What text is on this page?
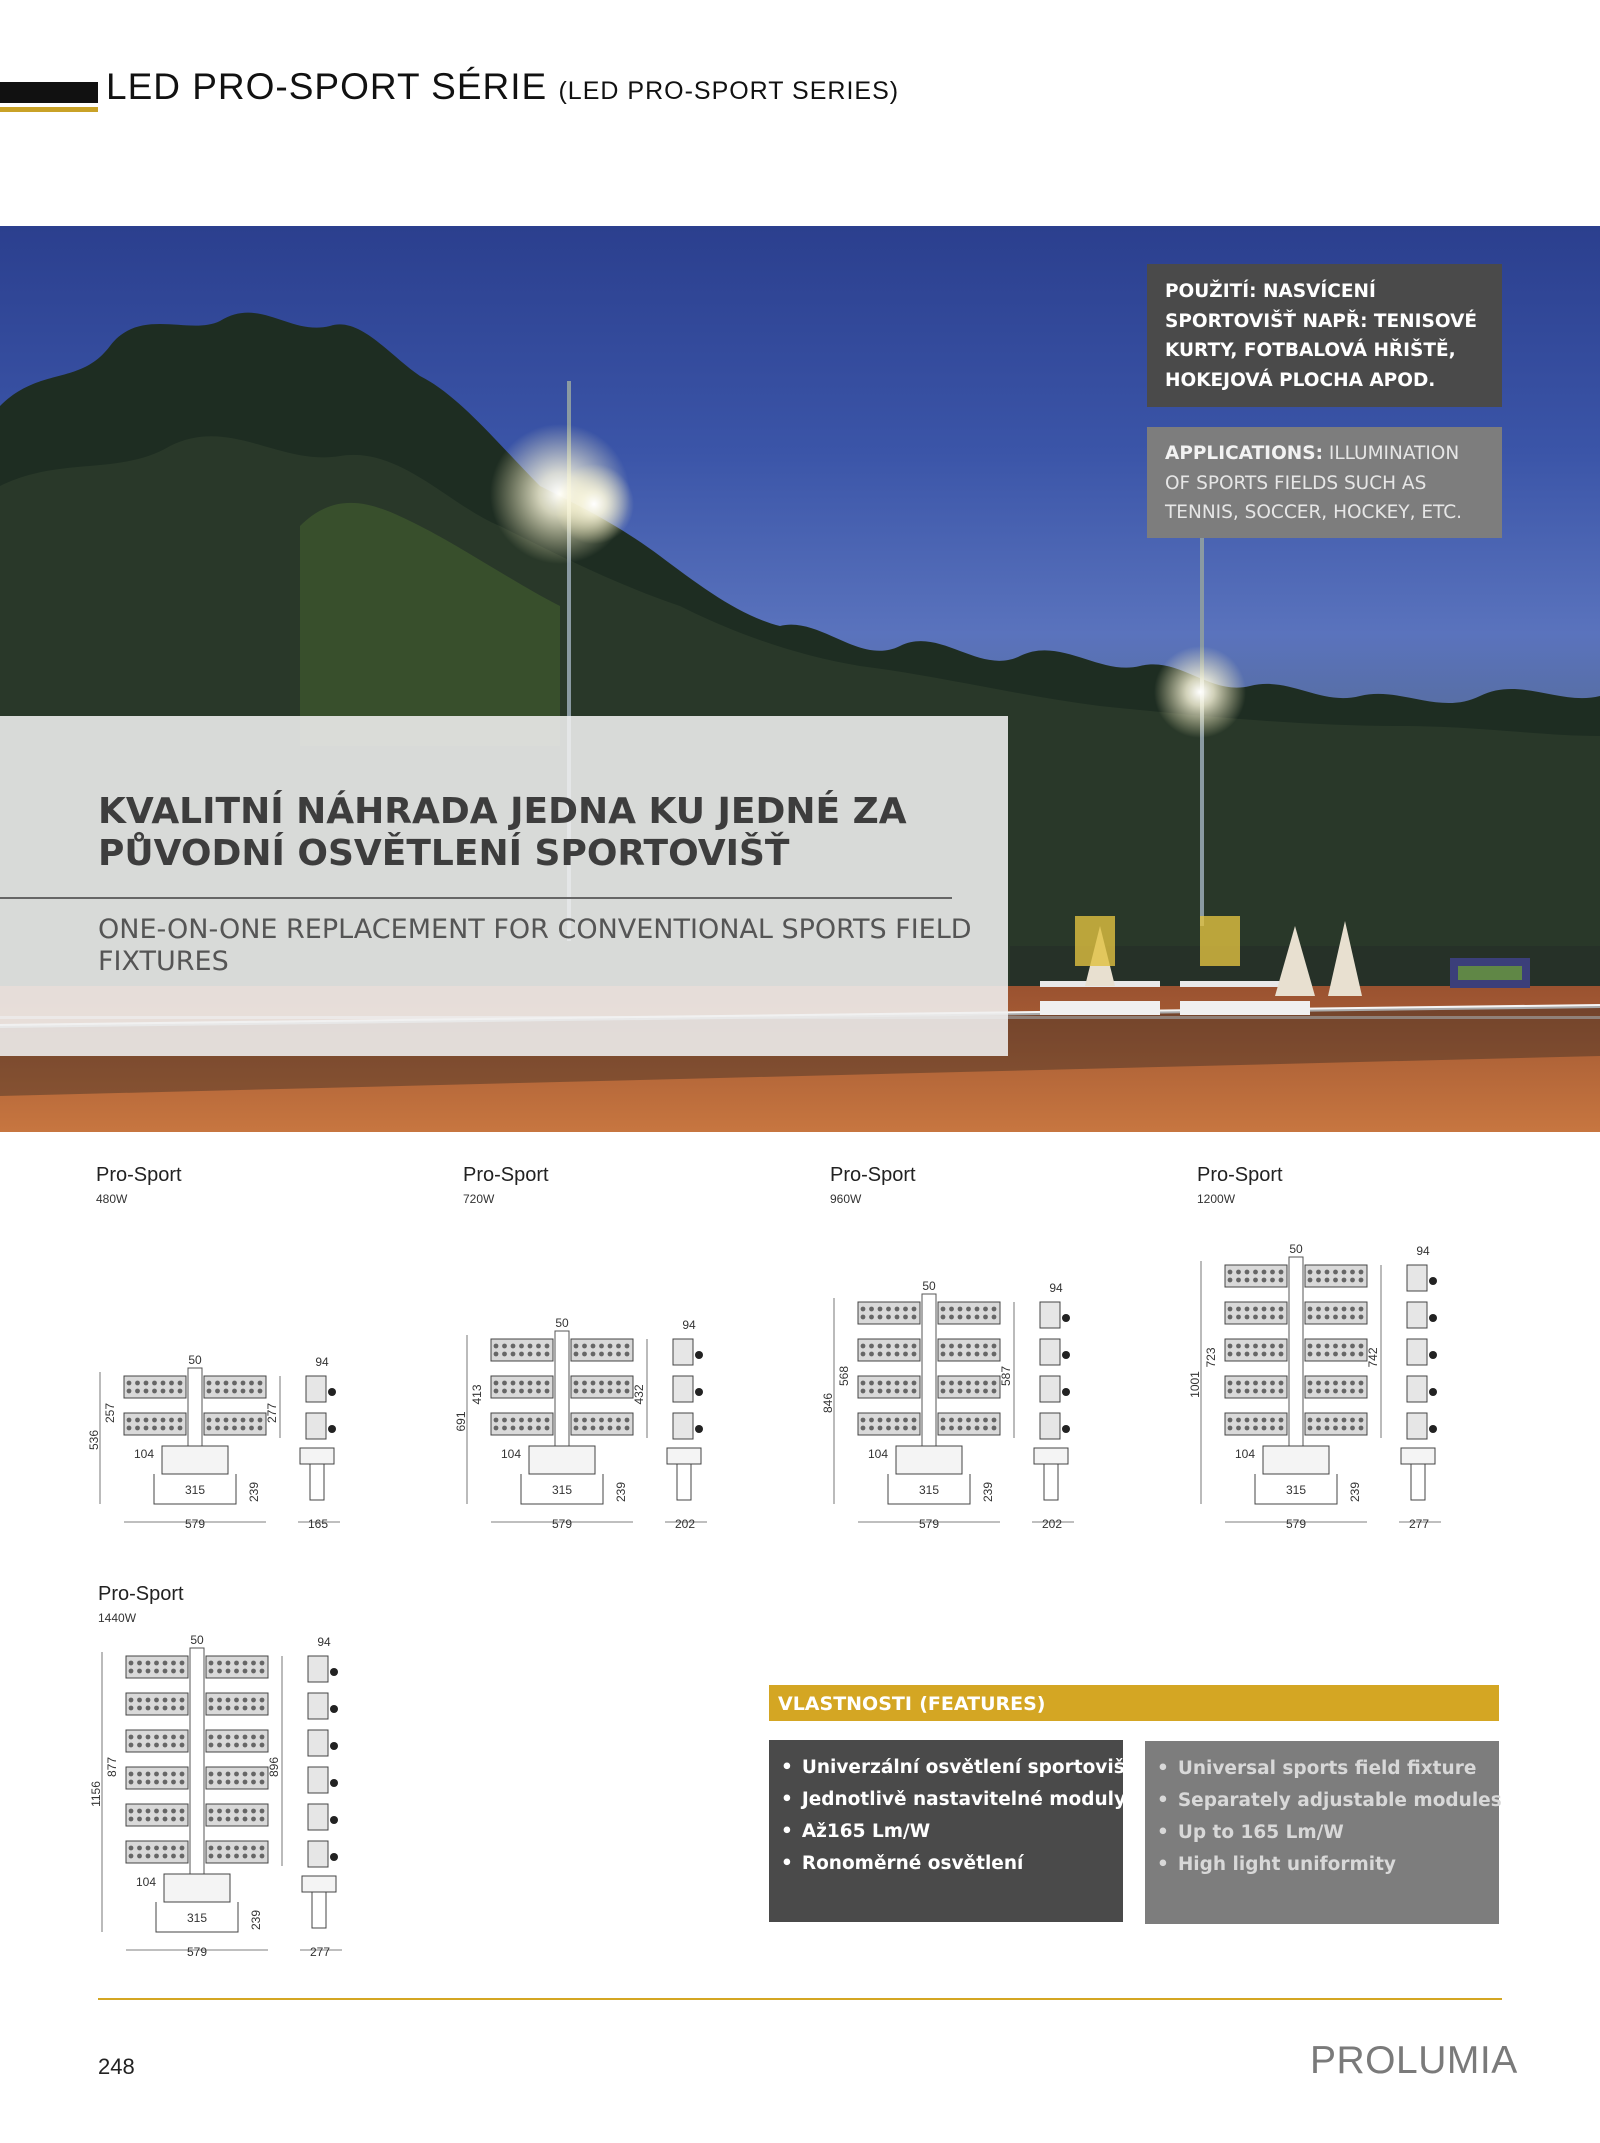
LED PRO-SPORT SÉRIE (LED PRO-SPORT SERIES)
POUŽITÍ: NASVÍCENÍ SPORTOVIŠŤ NAPŘ: TENISOVÉ KURTY, FOTBALOVÁ HŘIŠTĚ, HOKEJOVÁ PLOCHA APOD.
APPLICATIONS: ILLUMINATION OF SPORTS FIELDS SUCH AS TENNIS, SOCCER, HOCKEY, ETC.
KVALITNÍ NÁHRADA JEDNA KU JEDNÉ ZA PŮVODNÍ OSVĚTLENÍ SPORTOVIŠŤ
ONE-ON-ONE REPLACEMENT FOR CONVENTIONAL SPORTS FIELD FIXTURES
Pro-Sport
480W
Pro-Sport
720W
Pro-Sport
960W
Pro-Sport
1200W
Pro-Sport
1440W
579
50
536
257	277
104
315	239
165
94
579
50
691
413	432
104
315	239
202
94
579
50
846
568	587
104
315	239
202
94
579
50
1001
723	742
104
315	239
277
94
579
50
1156
877	896
104
315	239
277
94
VLASTNOSTI (FEATURES)
• Univerzální osvětlení sportovišť
• Jednotlivě nastavitelné moduly
• Až165 Lm/W
• Ronoměrné osvětlení
• Universal sports field fixture
• Separately adjustable modules
• Up to 165 Lm/W
• High light uniformity
248	PROLUMIA
